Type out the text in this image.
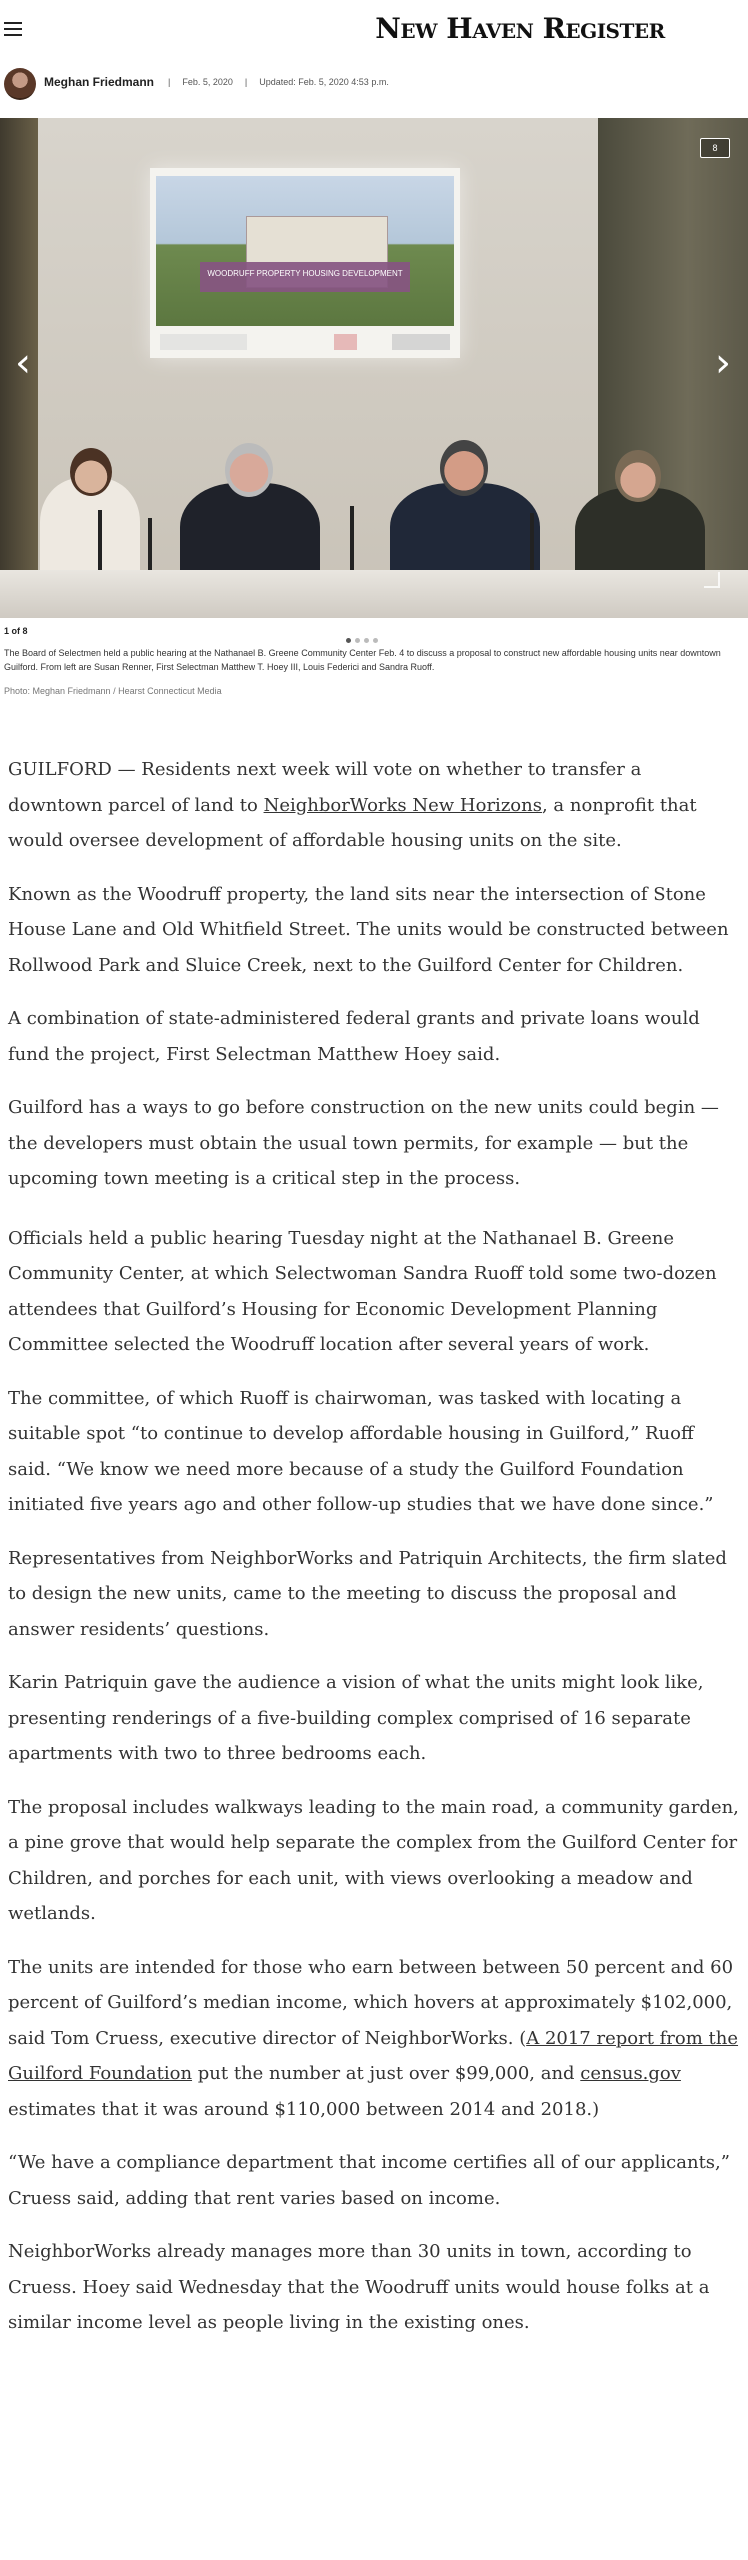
New Haven Register
Meghan Friedmann | Feb. 5, 2020 | Updated: Feb. 5, 2020 4:53 p.m.
WOODRUFF PROPERTY HOUSING DEVELOPMENT
8
‹	›
1 of 8
The Board of Selectmen held a public hearing at the Nathanael B. Greene Community Center Feb. 4 to discuss a proposal to construct new affordable housing units near downtown Guilford. From left are Susan Renner, First Selectman Matthew T. Hoey III, Louis Federici and Sandra Ruoff.
Photo: Meghan Friedmann / Hearst Connecticut Media

GUILFORD — Residents next week will vote on whether to transfer a downtown parcel of land to NeighborWorks New Horizons, a nonprofit that would oversee development of affordable housing units on the site.

Known as the Woodruff property, the land sits near the intersection of Stone House Lane and Old Whitfield Street. The units would be constructed between Rollwood Park and Sluice Creek, next to the Guilford Center for Children.

A combination of state-administered federal grants and private loans would fund the project, First Selectman Matthew Hoey said.

Guilford has a ways to go before construction on the new units could begin — the developers must obtain the usual town permits, for example — but the upcoming town meeting is a critical step in the process.

Officials held a public hearing Tuesday night at the Nathanael B. Greene Community Center, at which Selectwoman Sandra Ruoff told some two-dozen attendees that Guilford’s Housing for Economic Development Planning Committee selected the Woodruff location after several years of work.

The committee, of which Ruoff is chairwoman, was tasked with locating a suitable spot “to continue to develop affordable housing in Guilford,” Ruoff said. “We know we need more because of a study the Guilford Foundation initiated five years ago and other follow-up studies that we have done since.”

Representatives from NeighborWorks and Patriquin Architects, the firm slated to design the new units, came to the meeting to discuss the proposal and answer residents’ questions.

Karin Patriquin gave the audience a vision of what the units might look like, presenting renderings of a five-building complex comprised of 16 separate apartments with two to three bedrooms each.

The proposal includes walkways leading to the main road, a community garden, a pine grove that would help separate the complex from the Guilford Center for Children, and porches for each unit, with views overlooking a meadow and wetlands.

The units are intended for those who earn between between 50 percent and 60 percent of Guilford’s median income, which hovers at approximately $102,000, said Tom Cruess, executive director of NeighborWorks. (A 2017 report from the Guilford Foundation put the number at just over $99,000, and census.gov estimates that it was around $110,000 between 2014 and 2018.)

“We have a compliance department that income certifies all of our applicants,” Cruess said, adding that rent varies based on income.

NeighborWorks already manages more than 30 units in town, according to Cruess. Hoey said Wednesday that the Woodruff units would house folks at a similar income level as people living in the existing ones.
